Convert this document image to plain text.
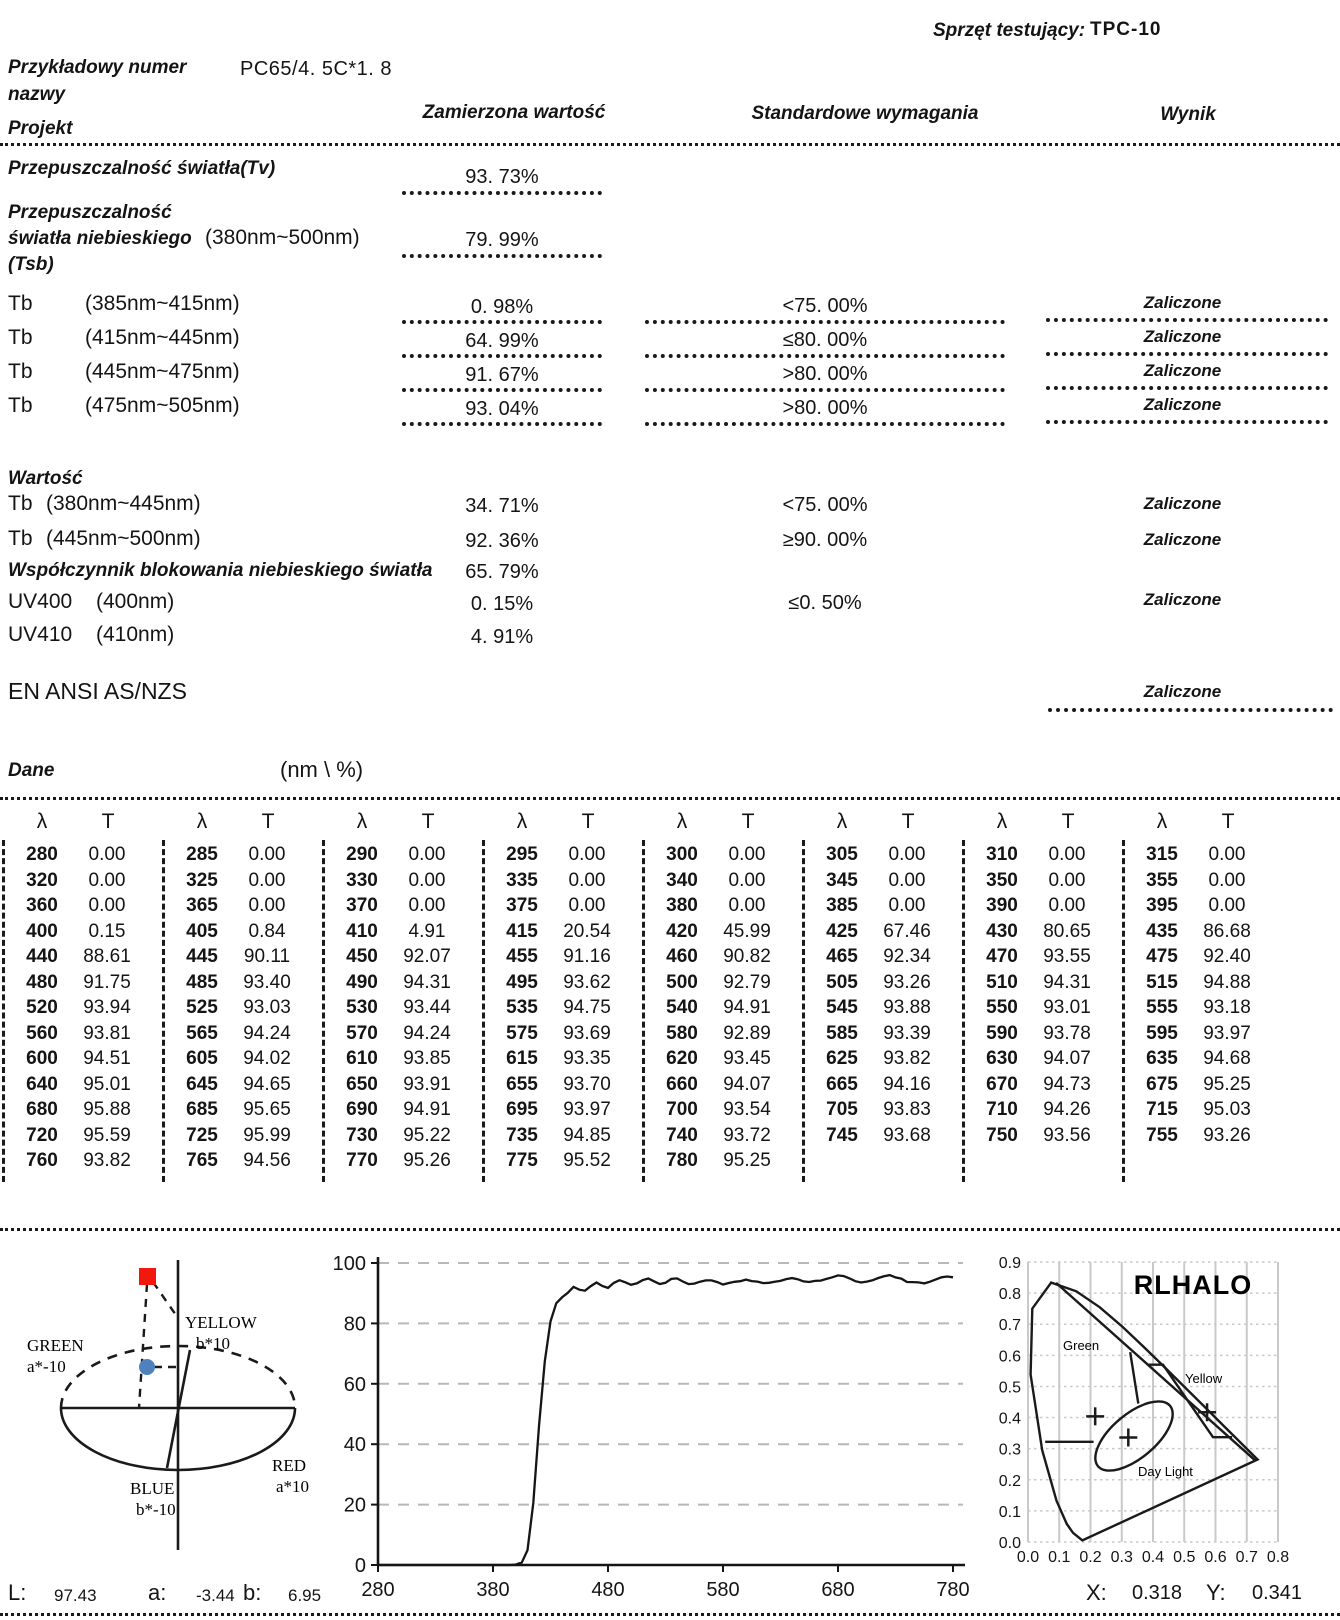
Sprzęt testujący: TPC-10
Przykładowy numer
nazwy
PC65/4. 5C*1. 8
Zamierzona wartość	Standardowe wymagania	Wynik
Projekt
Przepuszczalność światła(Tv)	93. 73%
Przepuszczalność
światła niebieskiego (380nm~500nm)
(Tsb)
79. 99%
Tb (385nm~415nm)	0. 98%	<75. 00%	Zaliczone
Tb (415nm~445nm)	64. 99%	≤80. 00%	Zaliczone
Tb (445nm~475nm)	91. 67%	>80. 00%	Zaliczone
Tb (475nm~505nm)	93. 04%	>80. 00%	Zaliczone
Wartość
Tb (380nm~445nm)	34. 71%	<75. 00%	Zaliczone
Tb (445nm~500nm)	92. 36%	≥90. 00%	Zaliczone
Współczynnik blokowania niebieskiego światła	65. 79%
UV400 (400nm)	0. 15%	≤0. 50%	Zaliczone
UV410 (410nm)	4. 91%
EN ANSI AS/NZS	Zaliczone
Dane	(nm \ %)
λ	T	λ	T	λ	T	λ	T	λ	T	λ	T	λ	T	λ	T
280	0.00	285	0.00	290	0.00	295	0.00	300	0.00	305	0.00	310	0.00	315	0.00
320	0.00	325	0.00	330	0.00	335	0.00	340	0.00	345	0.00	350	0.00	355	0.00
360	0.00	365	0.00	370	0.00	375	0.00	380	0.00	385	0.00	390	0.00	395	0.00
400	0.15	405	0.84	410	4.91	415	20.54	420	45.99	425	67.46	430	80.65	435	86.68
440	88.61	445	90.11	450	92.07	455	91.16	460	90.82	465	92.34	470	93.55	475	92.40
480	91.75	485	93.40	490	94.31	495	93.62	500	92.79	505	93.26	510	94.31	515	94.88
520	93.94	525	93.03	530	93.44	535	94.75	540	94.91	545	93.88	550	93.01	555	93.18
560	93.81	565	94.24	570	94.24	575	93.69	580	92.89	585	93.39	590	93.78	595	93.97
600	94.51	605	94.02	610	93.85	615	93.35	620	93.45	625	93.82	630	94.07	635	94.68
640	95.01	645	94.65	650	93.91	655	93.70	660	94.07	665	94.16	670	94.73	675	95.25
680	95.88	685	95.65	690	94.91	695	93.97	700	93.54	705	93.83	710	94.26	715	95.03
720	95.59	725	95.99	730	95.22	735	94.85	740	93.72	745	93.68	750	93.56	755	93.26
760	93.82	765	94.56	770	95.26	775	95.52	780	95.25
GREEN
a*-10
YELLOW
b*10
RED
a*10
BLUE
b*-10
0
20
40
60
80
100
280	380	480	580	680	780
RLHALO
Green
Yellow
Day Light
0.0 0.1 0.2 0.3 0.4 0.5 0.6 0.7 0.8
0.0
0.1
0.2
0.3
0.4
0.5
0.6
0.7
0.8
0.9
L: 97.43 a: -3.44 b: 6.95	X: 0.318 Y: 0.341
